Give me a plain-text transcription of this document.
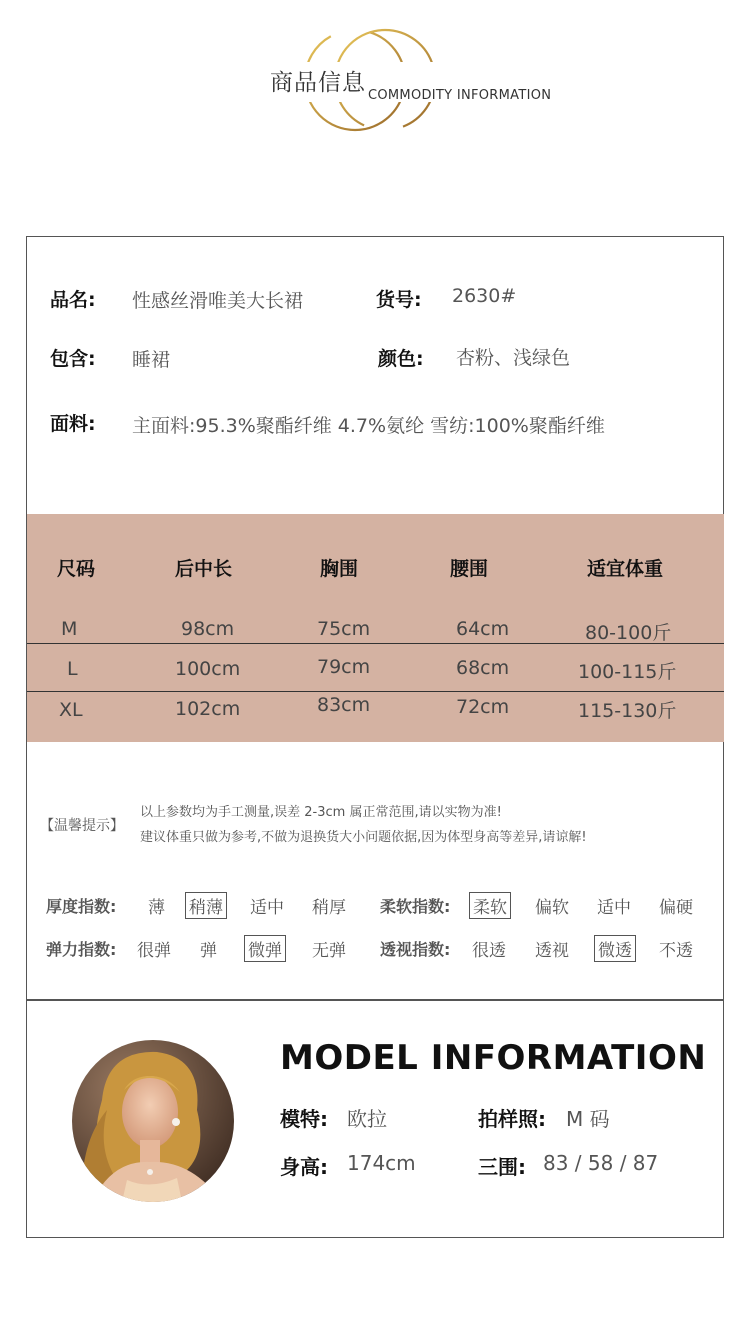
商品信息 COMMODITY INFORMATION
品名: 性感丝滑唯美大长裙	货号: 2630#
包含: 睡裙	颜色: 杏粉、浅绿色
面料: 主面料:95.3%聚酯纤维 4.7%氨纶 雪纺:100%聚酯纤维
尺码	后中长	胸围	腰围	适宜体重
M	98cm	75cm	64cm	80-100斤
L	100cm	79cm	68cm	100-115斤
XL	102cm	83cm	72cm	115-130斤
【温馨提示】
以上参数均为手工测量,误差 2-3cm 属正常范围,请以实物为准!
建议体重只做为参考,不做为退换货大小问题依据,因为体型身高等差异,请谅解!
厚度指数: 薄 稍薄 适中 稍厚 柔软指数: 柔软 偏软 适中 偏硬
弹力指数: 很弹 弹 微弹 无弹 透视指数: 很透 透视 微透 不透
MODEL INFORMATION
模特: 欧拉	拍样照: M 码
身高: 174cm	三围: 83 / 58 / 87
